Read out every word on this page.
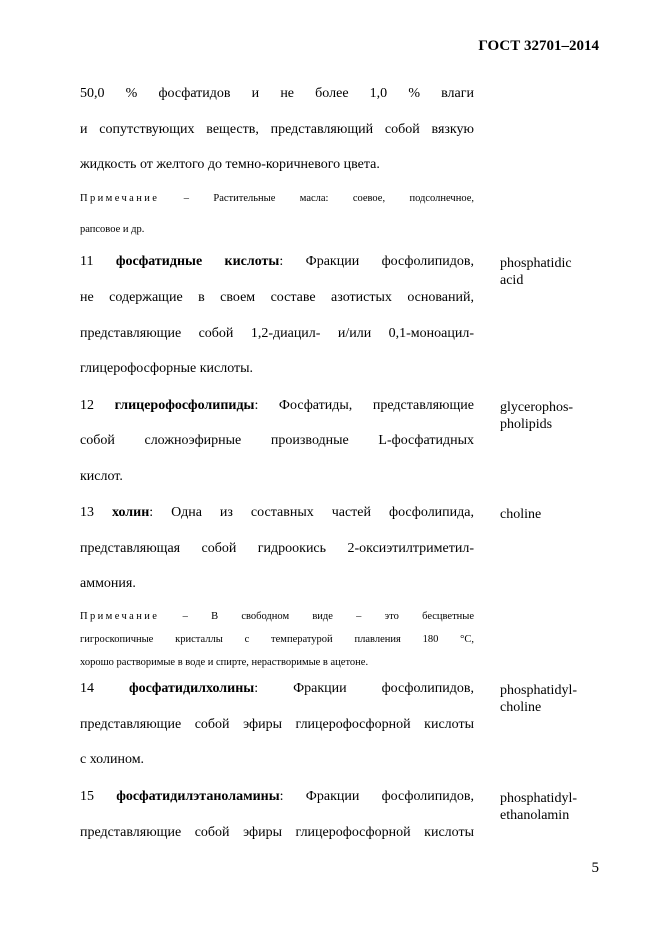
ГОСТ 32701–2014
50,0 % фосфатидов и не более 1,0 % влаги
и сопутствующих веществ, представляющий собой вязкую
жидкость от желтого до темно-коричневого цвета.
Примечание – Растительные масла: соевое, подсолнечное,
рапсовое и др.
11 фосфатидные кислоты: Фракции фосфолипидов,
не содержащие в своем составе азотистых оснований,
представляющие собой 1,2-диацил- и/или 0,1-моноацил-
глицерофосфорные кислоты.
phosphatidic
acid
12 глицерофосфолипиды: Фосфатиды, представляющие
собой сложноэфирные производные L-фосфатидных
кислот.
glycerophos-
pholipids
13 холин: Одна из составных частей фосфолипида,
представляющая собой гидроокись 2-оксиэтилтриметил-
аммония.
choline
Примечание – В свободном виде – это бесцветные
гигроскопичные кристаллы с температурой плавления 180 °С,
хорошо растворимые в воде и спирте, нерастворимые в ацетоне.
14	фосфатидилхолины: Фракции фосфолипидов,
представляющие собой эфиры глицерофосфорной кислоты
с холином.
phosphatidyl-
choline
15 фосфатидилэтаноламины: Фракции фосфолипидов,
представляющие собой эфиры глицерофосфорной кислоты
phosphatidyl-
ethanolamin
5
